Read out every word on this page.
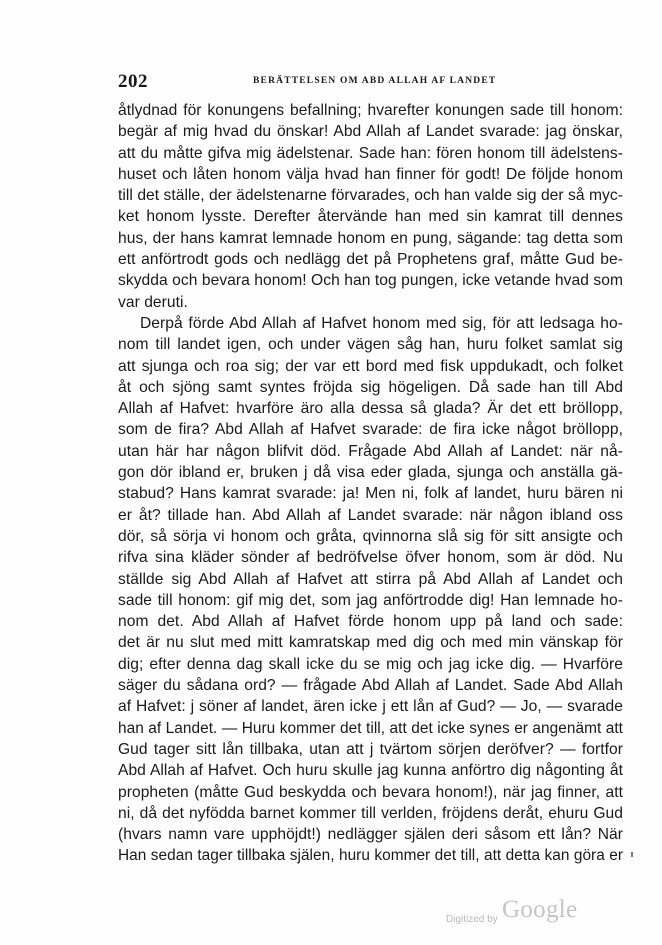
202	BERÄTTELSEN OM ABD ALLAH AF LANDET
åtlydnad för konungens befallning; hvarefter konungen sade till honom:
begär af mig hvad du önskar! Abd Allah af Landet svarade: jag önskar,
att du måtte gifva mig ädelstenar. Sade han: fören honom till ädelstens-
huset och låten honom välja hvad han finner för godt! De följde honom
till det ställe, der ädelstenarne förvarades, och han valde sig der så myc-
ket honom lysste. Derefter återvände han med sin kamrat till dennes
hus, der hans kamrat lemnade honom en pung, sägande: tag detta som
ett anförtrodt gods och nedlägg det på Prophetens graf, måtte Gud be-
skydda och bevara honom! Och han tog pungen, icke vetande hvad som
var deruti.
Derpå förde Abd Allah af Hafvet honom med sig, för att ledsaga ho-
nom till landet igen, och under vägen såg han, huru folket samlat sig
att sjunga och roa sig; der var ett bord med fisk uppdukadt, och folket
åt och sjöng samt syntes fröjda sig högeligen. Då sade han till Abd
Allah af Hafvet: hvarföre äro alla dessa så glada? Är det ett bröllopp,
som de fira? Abd Allah af Hafvet svarade: de fira icke något bröllopp,
utan här har någon blifvit död. Frågade Abd Allah af Landet: när nå-
gon dör ibland er, bruken j då visa eder glada, sjunga och anställa gä-
stabud? Hans kamrat svarade: ja! Men ni, folk af landet, huru bären ni
er åt? tillade han. Abd Allah af Landet svarade: när någon ibland oss
dör, så sörja vi honom och gråta, qvinnorna slå sig för sitt ansigte och
rifva sina kläder sönder af bedröfvelse öfver honom, som är död. Nu
ställde sig Abd Allah af Hafvet att stirra på Abd Allah af Landet och
sade till honom: gif mig det, som jag anförtrodde dig! Han lemnade ho-
nom det. Abd Allah af Hafvet förde honom upp på land och sade:
det är nu slut med mitt kamratskap med dig och med min vänskap för
dig; efter denna dag skall icke du se mig och jag icke dig. — Hvarföre
säger du sådana ord? — frågade Abd Allah af Landet. Sade Abd Allah
af Hafvet: j söner af landet, ären icke j ett lån af Gud? — Jo, — svarade
han af Landet. — Huru kommer det till, att det icke synes er angenämt att
Gud tager sitt lån tillbaka, utan att j tvärtom sörjen deröfver? — fortfor
Abd Allah af Hafvet. Och huru skulle jag kunna anförtro dig någonting åt
propheten (måtte Gud beskydda och bevara honom!), när jag finner, att
ni, då det nyfödda barnet kommer till verlden, fröjdens deråt, ehuru Gud
(hvars namn vare upphöjdt!) nedlägger själen deri såsom ett lån? När
Han sedan tager tillbaka själen, huru kommer det till, att detta kan göra er
Digitized by Google
